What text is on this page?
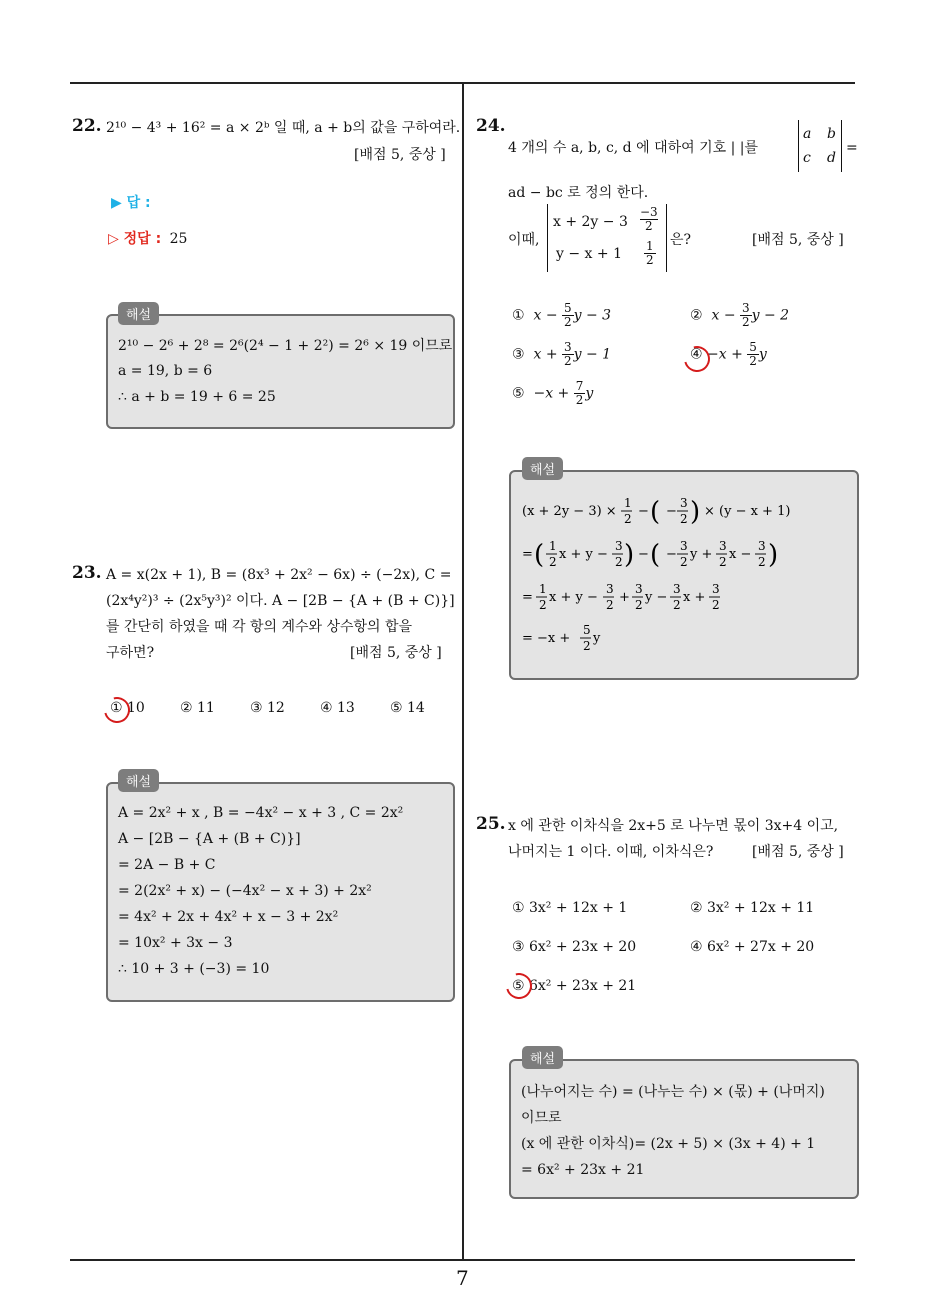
7
22. 2¹⁰ − 4³ + 16² = a × 2ᵇ 일 때, a + b의 값을 구하여라.
[배점 5, 중상 ]
▶ 답 :
▷ 정답 : 25
해설
2¹⁰ − 2⁶ + 2⁸ = 2⁶(2⁴ − 1 + 2²) = 2⁶ × 19 이므로
a = 19, b = 6
∴ a + b = 19 + 6 = 25
23. A = x(2x + 1), B = (8x³ + 2x² − 6x) ÷ (−2x), C =
(2x⁴y²)³ ÷ (2x⁵y³)² 이다. A − [2B − {A + (B + C)}]
를 간단히 하였을 때 각 항의 계수와 상수항의 합을
구하면?	[배점 5, 중상 ]
① 10	② 11	③ 12	④ 13	⑤ 14
해설
A = 2x² + x , B = −4x² − x + 3 , C = 2x²
A − [2B − {A + (B + C)}]
= 2A − B + C
= 2(2x² + x) − (−4x² − x + 3) + 2x²
= 4x² + 2x + 4x² + x − 3 + 2x²
= 10x² + 3x − 3
∴ 10 + 3 + (−3) = 10
24.
4 개의 수 a, b, c, d 에 대하여 기호 | |를
a b
c d
=
ad − bc 로 정의 한다.
이때,
$x + 2y - 3 \frac{-3}{2}$
$y - x + 1 \frac{1}{2}$ 은?	[배점 5, 중상 ]
① $x - \frac{5}{2}$ y − 3	② $x - \frac{3}{2}$ y − 2
③ $x + \frac{3}{2}$ y − 1	④ $-x + \frac{5}{2}$ y
⑤ $-x + \frac{7}{2}$ y
해설
(x + 2y − 3) ×
1
2 − ( −
3
2 ) × (y − x + 1)
= ( 1
2 x + y −
3
2 ) − ( −
3
2 y +
3
2 x −
3
2 )
=
1
2 x + y −
3
2 +
3
2 y −
3
2 x +
3
2
= −x +
5
2 y
25. x 에 관한 이차식을 2x+5 로 나누면 몫이 3x+4 이고,
나머지는 1 이다. 이때, 이차식은?	[배점 5, 중상 ]
① 3x² + 12x + 1	② 3x² + 12x + 11
③ 6x² + 23x + 20	④ 6x² + 27x + 20
⑤ 6x² + 23x + 21
해설
(나누어지는 수) = (나누는 수) × (몫) + (나머지)
이므로
(x 에 관한 이차식)= (2x + 5) × (3x + 4) + 1
= 6x² + 23x + 21
